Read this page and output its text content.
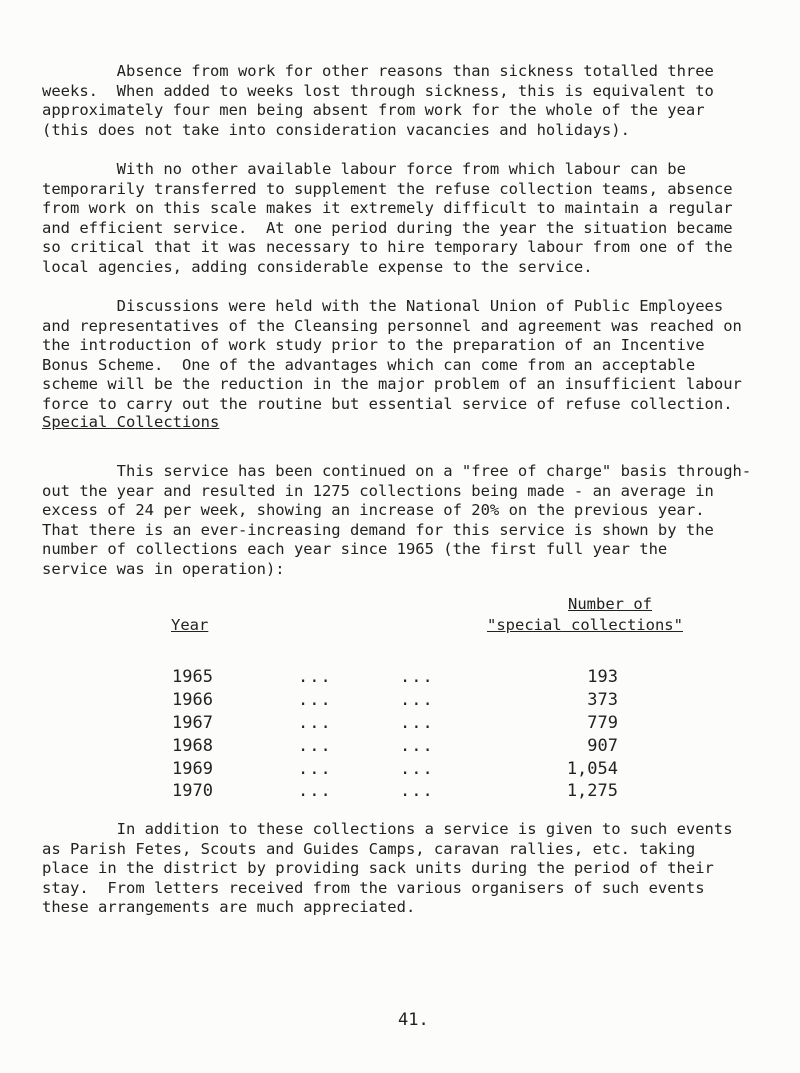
Absence from work for other reasons than sickness totalled three
weeks.  When added to weeks lost through sickness, this is equivalent to
approximately four men being absent from work for the whole of the year
(this does not take into consideration vacancies and holidays).

With no other available labour force from which labour can be
temporarily transferred to supplement the refuse collection teams, absence
from work on this scale makes it extremely difficult to maintain a regular
and efficient service.  At one period during the year the situation became
so critical that it was necessary to hire temporary labour from one of the
local agencies, adding considerable expense to the service.

Discussions were held with the National Union of Public Employees
and representatives of the Cleansing personnel and agreement was reached on
the introduction of work study prior to the preparation of an Incentive
Bonus Scheme.  One of the advantages which can come from an acceptable
scheme will be the reduction in the major problem of an insufficient labour
force to carry out the routine but essential service of refuse collection.

Special Collections

This service has been continued on a "free of charge" basis through-
out the year and resulted in 1275 collections being made - an average in
excess of 24 per week, showing an increase of 20% on the previous year.
That there is an ever-increasing demand for this service is shown by the
number of collections each year since 1965 (the first full year the
service was in operation):

Year
Number of
"special collections"
1965	...	...	193
1966	...	...	373
1967	...	...	779
1968	...	...	907
1969	...	...	1,054
1970	...	...	1,275

In addition to these collections a service is given to such events
as Parish Fetes, Scouts and Guides Camps, caravan rallies, etc. taking
place in the district by providing sack units during the period of their
stay.  From letters received from the various organisers of such events
these arrangements are much appreciated.

41.
